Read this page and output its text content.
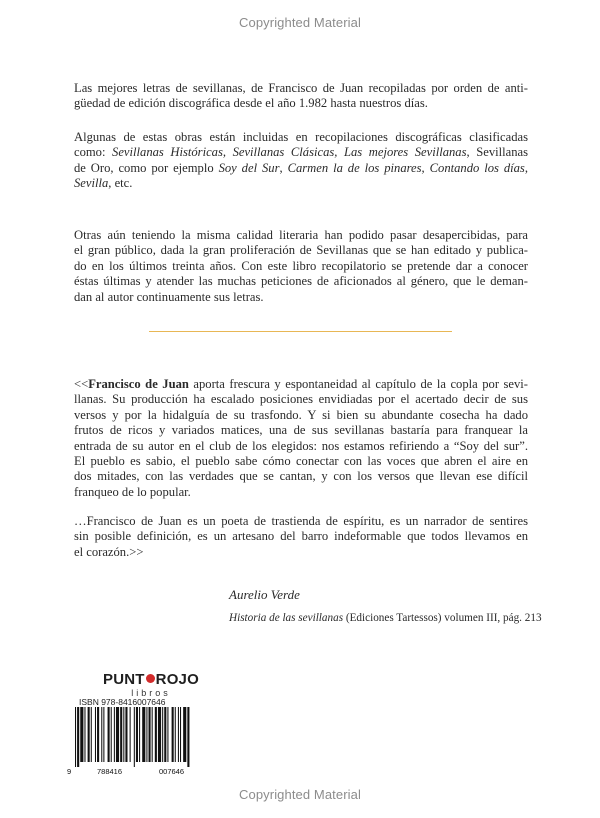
Copyrighted Material
Las mejores letras de sevillanas, de Francisco de Juan recopiladas por orden de anti-
güedad de edición discográfica desde el año 1.982 hasta nuestros días.
Algunas de estas obras están incluidas en recopilaciones discográficas clasificadas
como: Sevillanas Históricas, Sevillanas Clásicas, Las mejores Sevillanas, Sevillanas
de Oro, como por ejemplo Soy del Sur, Carmen la de los pinares, Contando los días,
Sevilla, etc.
Otras aún teniendo la misma calidad literaria han podido pasar desapercibidas, para
el gran público, dada la gran proliferación de Sevillanas que se han editado y publica-
do en los últimos treinta años. Con este libro recopilatorio se pretende dar a conocer
éstas últimas y atender las muchas peticiones de aficionados al género, que le deman-
dan al autor continuamente sus letras.
<<Francisco de Juan aporta frescura y espontaneidad al capítulo de la copla por sevi-
llanas. Su producción ha escalado posiciones envidiadas por el acertado decir de sus
versos y por la hidalguía de su trasfondo. Y si bien su abundante cosecha ha dado
frutos de ricos y variados matices, una de sus sevillanas bastaría para franquear la
entrada de su autor en el club de los elegidos: nos estamos refiriendo a “Soy del sur”.
El pueblo es sabio, el pueblo sabe cómo conectar con las voces que abren el aire en
dos mitades, con las verdades que se cantan, y con los versos que llevan ese difícil
franqueo de lo popular.
…Francisco de Juan es un poeta de trastienda de espíritu, es un narrador de sentires
sin posible definición, es un artesano del barro indeformable que todos llevamos en
el corazón.>>
Aurelio Verde
Historia de las sevillanas (Ediciones Tartessos) volumen III, pág. 213
PUNT ROJO
libros
ISBN 978-8416007646
9	788416	007646
Copyrighted Material
